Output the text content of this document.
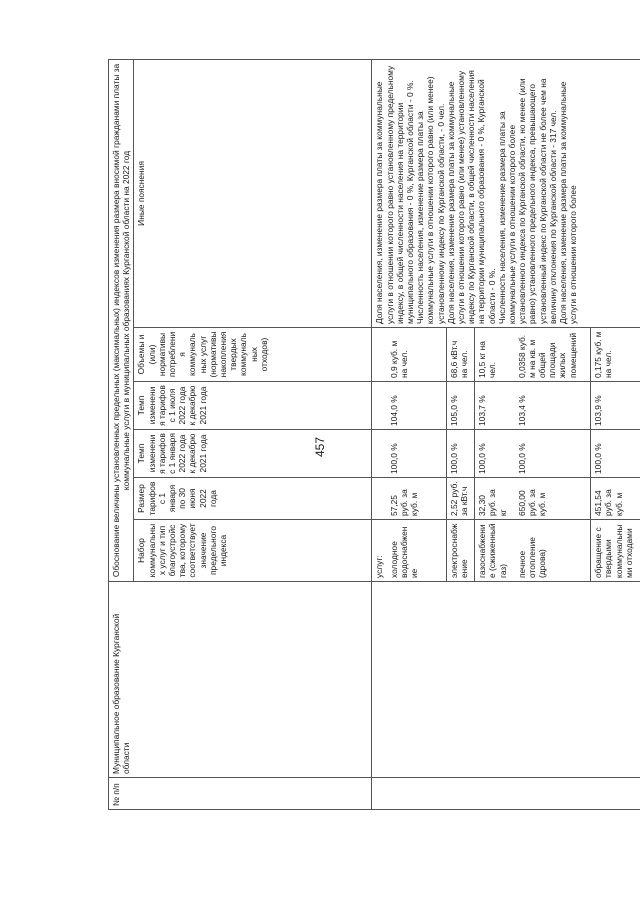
457
№ п/п	Муниципальное образование Курганской области	Обоснование величины установленных предельных (максимальных) индексов изменения размера вносимой гражданами платы за коммунальные услуги в муниципальных образованиях Курганской области на 2022 год					
		Набор коммунальных услуг и тип благоустройства, которому соответствует значение предельного индекса	Размер тарифов с 1 января по 30 июня 2022 года	Темп изменения тарифов с 1 января 2022 года к декабрю 2021 года	Темп изменения тарифов с 1 июля 2022 года к декабрю 2021 года	Объемы и (или) нормативы потребления коммунальных услуг (нормативы накопления твердых коммунальных отходов)	Иные пояснения
		услуг:					Доля населения, изменение размера платы за коммунальные услуги в отношении которого равно установленному предельному индексу, в общей численности населения на территории муниципального образования - 0 %, Курганской области - 0 %.
Численность населения, изменение размера платы за коммунальные услуги в отношении которого равно (или менее) установленному индексу по Курганской области, - 0 чел.
Доля населения, изменение размера платы за коммунальные услуги в отношении которого равно (или менее) установленному индексу по Курганской области, в общей численности населения на территории муниципального образования - 0 %, Курганской области - 0 %.
Численность населения, изменение размера платы за коммунальные услуги в отношении которого более установленного индекса по Курганской области, но менее (или равно) установленного предельного индекса, превышающего установленный индекс по Курганской области не более чем на величину отклонения по Курганской области - 317 чел.
Доля населения, изменение размера платы за коммунальные услуги в отношении которого более
		холодное водоснабжение	57,25 руб. за куб. м	100,0 %	104,0 %	0,9 куб. м на чел.	
		электроснабжение	2,52 руб. за кВт.ч	100,0 %	105,0 %	68,6 кВт.ч на чел.	
		газоснабжение (сжиженный газ)	32,30 руб. за кг	100,0 %	103,7 %	10,5 кг на чел.	
		печное отопление (дрова)	650,00 руб. за куб. м	100,0 %	103,4 %	0,0358 куб. м на кв. м общей площади жилых помещений	
		обращение с твердыми коммунальными отходами	451,54 руб. за куб. м	100,0 %	103,9 %	0,175 куб. м на чел.	
